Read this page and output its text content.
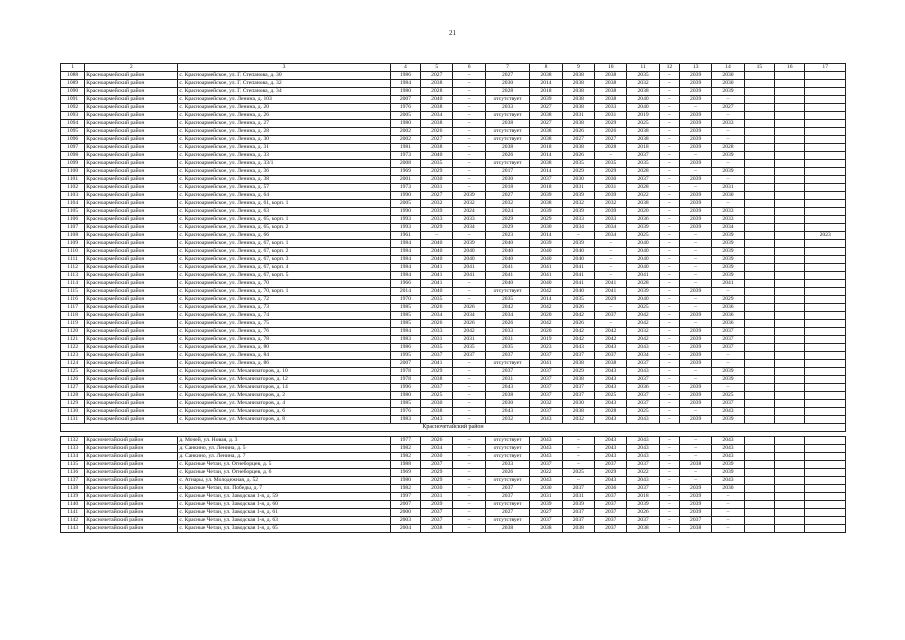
21
1	2	3	4	5	6	7	8	9	10	11	12	13	14	15	16	17
1088	Красноармейский район	с. Красноармейское, ул. Г. Степанова, д. 30	1986	2027	–	2027	2038	2038	2038	2035	–	2039	2030			
1089	Красноармейский район	с. Красноармейское, ул. Г. Степанова, д. 32	1984	2038	–	2030	2014	2038	2038	2032	–	2039	2030			
1090	Красноармейский район	с. Красноармейское, ул. Г. Степанова, д. 34	1980	2028	–	2028	2018	2038	2038	2038	–	2039	2039			
1091	Красноармейский район	с. Красноармейское, ул. Ленина, д. 10З	2007	2040	–	отсутствует	2039	2038	2038	2040	–	2039	–			
1092	Красноармейский район	с. Красноармейское, ул. Ленина, д. 20	1976	2038	–	2033	2027	2038	2033	2040	–	–	2027			
1093	Красноармейский район	с. Красноармейское, ул. Ленина, д. 26	2005	2034	–	отсутствует	2038	2031	2031	2019	–	2039	–			
1094	Красноармейский район	с. Красноармейское, ул. Ленина, д. 27	1980	2038	–	2038	2027	2038	2029	2025	–	2039	2033			
1095	Красноармейский район	с. Красноармейское, ул. Ленина, д. 28	2002	2026	–	отсутствует	2038	2026	2026	2038	–	2039	–			
1096	Красноармейский район	с. Красноармейское, ул. Ленина, д. 30	2002	2027	–	отсутствует	2038	2027	2027	2038	–	2039	–			
1097	Красноармейский район	с. Красноармейское, ул. Ленина, д. 31	1981	2038	–	2038	2018	2038	2028	2018	–	2039	2028			
1098	Красноармейский район	с. Красноармейское, ул. Ленина, д. 33	1973	2040	–	2026	2014	2026	–	2037	–	–	2039			
1099	Красноармейский район	с. Красноармейское, ул. Ленина, д. 33/1	2008	2035	–	отсутствует	2038	2035	2035	2035	–	2039	–			
1100	Красноармейский район	с. Красноармейское, ул. Ленина, д. 36	1969	2029	–	2017	2014	2029	2029	2028	–	–	2039			
1101	Красноармейский район	с. Красноармейское, ул. Ленина, д. 38	2001	2030	–	2030	2037	2030	2030	2037	–	2039	–			
1102	Красноармейский район	с. Красноармейское, ул. Ленина, д. 57	1973	2031	–	2018	2018	2031	2031	2028	–	–	2031			
1103	Красноармейский район	с. Красноармейское, ул. Ленина, д. 64	1990	2027	2039	2027	2039	2039	2039	2022	–	2039	2030			
1104	Красноармейский район	с. Красноармейское, ул. Ленина, д. 61, корп. 1	2005	2032	2032	2032	2038	2032	2032	2038	–	2039	–			
1105	Красноармейский район	с. Красноармейское, ул. Ленина, д. 63	1990	2039	2024	2024	2039	2039	2039	2020	–	2039	2033			
1106	Красноармейский район	с. Красноармейское, ул. Ленина, д. 65, корп. 1	1993	2033	2033	2029	2029	2033	2033	2036	–	2039	2033			
1107	Красноармейский район	с. Красноармейское, ул. Ленина, д. 65, корп. 2	1993	2029	2034	2029	2030	2034	2034	2039	–	2039	2034			
1108	Красноармейский район	с. Красноармейское, ул. Ленина, д. 66	1961	–	–	2023	2014	–	2034	2025	–	–	2039			2023
1109	Красноармейский район	с. Красноармейское, ул. Ленина, д. 67, корп. 1	1984	2040	2039	2040	2039	2039	–	2040	–	–	2039			
1110	Красноармейский район	с. Красноармейское, ул. Ленина, д. 67, корп. 2	1984	2040	2040	2040	2040	2040	–	2040	–	–	2039			
1111	Красноармейский район	с. Красноармейское, ул. Ленина, д. 67, корп. 3	1984	2040	2040	2040	2040	2040	–	2040	–	–	2039			
1112	Красноармейский район	с. Красноармейское, ул. Ленина, д. 67, корп. 4	1984	2041	2041	2041	2041	2041	–	2040	–	–	2039			
1113	Красноармейский район	с. Красноармейское, ул. Ленина, д. 67, корп. 5	1984	2041	2041	2041	2041	2041	–	2041	–	–	2039			
1114	Красноармейский район	с. Красноармейское, ул. Ленина, д. 70	1966	2041	–	2040	2040	2041	2041	2028	–	–	2041			
1115	Красноармейский район	с. Красноармейское, ул. Ленина, д. 70, корп. 1	2014	2040	–	отсутствует	2042	2040	2041	2039	–	2039	–			
1116	Красноармейский район	с. Красноармейское, ул. Ленина, д. 72	1970	2035	–	2035	2014	2035	2029	2040	–	–	2029			
1117	Красноармейский район	с. Красноармейское, ул. Ленина, д. 73	1985	2026	2026	2042	2042	2026	–	2025	–	–	2036			
1118	Красноармейский район	с. Красноармейское, ул. Ленина, д. 74	1985	2034	2034	2034	2020	2042	2037	2042	–	2039	2036			
1119	Красноармейский район	с. Красноармейское, ул. Ленина, д. 75	1985	2026	2026	2026	2042	2026	–	2042	–	–	2036			
1120	Красноармейский район	с. Красноармейское, ул. Ленина, д. 76	1984	2033	2042	2033	2020	2042	2042	2032	–	2039	2037			
1121	Красноармейский район	с. Красноармейское, ул. Ленина, д. 78	1983	2031	2031	2031	2019	2042	2042	2042	–	2039	2037			
1122	Красноармейский район	с. Красноармейское, ул. Ленина, д. 80	1986	2035	2035	2035	2023	2043	2043	2043	–	2039	2037			
1123	Красноармейский район	с. Красноармейское, ул. Ленина, д. 84	1995	2037	2037	2037	2037	2037	2037	2034	–	2039	–			
1124	Красноармейский район	с. Красноармейское, ул. Ленина, д. 86	2007	2041	–	отсутствует	2041	2038	2038	2037	–	2039	–			
1125	Красноармейский район	с. Красноармейское, ул. Механизаторов, д. 10	1978	2029	–	2037	2037	2029	2043	2043	–	–	2039			
1126	Красноармейский район	с. Красноармейское, ул. Механизаторов, д. 12	1978	2038	–	2031	2037	2038	2043	2037	–	–	2039			
1127	Красноармейский район	с. Красноармейское, ул. Механизаторов, д. 14	1996	2037	–	2043	2037	2037	2043	2036	–	2039	–			
1128	Красноармейский район	с. Красноармейское, ул. Механизаторов, д. 2	1980	2025	–	2038	2037	2037	2025	2037	–	2039	2025			
1129	Красноармейский район	с. Красноармейское, ул. Механизаторов, д. 4	1985	2030	–	2030	2032	2030	2043	2037	–	2039	2037			
1130	Красноармейский район	с. Красноармейское, ул. Механизаторов, д. 6	1976	2038	–	2043	2037	2038	2028	2025	–	–	2043			
1131	Красноармейский район	с. Красноармейское, ул. Механизаторов, д. 8	1983	2043	–	2032	2043	2032	2043	2043	–	2039	2039			
Красночетайский район																

1132	Красночетайский район	д. Мочей, ул. Новая, д. 3	1977	2026	–	отсутствует	2043	–	2043	2043	–	–	2043			
1133	Красночетайский район	д. Санкино, ул. Ленина, д. 5	1982	2034	–	отсутствует	2043	–	2043	2043	–	–	2043			
1134	Красночетайский район	д. Санкино, ул. Ленина, д. 7	1982	2030	–	отсутствует	2043	–	2043	2043	–	–	2043			
1135	Красночетайский район	с. Красные Четаи, ул. Огнеборцев, д. 5	1988	2037	–	2033	2037	–	2037	2037	–	2038	2039			
1136	Красночетайский район	с. Красные Четаи, ул. Огнеборцев, д. 6	1969	2029	–	2026	2022	2025	2029	2022	–	–	2039			
1137	Красночетайский район	с. Атнары, ул. Молодежная, д. 52	1980	2029	–	отсутствует	2043	–	2043	2043	–	–	2043			
1138	Красночетайский район	с. Красные Четаи, пл. Победы, д. 7	1982	2030	–	2037	2030	2037	2036	2037	–	2039	2030			
1139	Красночетайский район	с. Красные Четаи, ул. Заводская 1-я, д. 59	1997	2031	–	2037	2031	2031	2037	2018	–	2039	–			
1140	Красночетайский район	с. Красные Четаи, ул. Заводская 1-я, д. 60	2007	2039	–	отсутствует	2039	2039	2037	2039	–	2039	–			
1141	Красночетайский район	с. Красные Четаи, ул. Заводская 1-я, д. 61	2000	2037	–	2027	2027	2037	2037	2026	–	2039	–			
1142	Красночетайский район	с. Красные Четаи, ул. Заводская 1-я, д. 63	2003	2037	–	отсутствует	2037	2037	2037	2037	–	2037	–			
1143	Красночетайский район	с. Красные Четаи, ул. Заводская 1-я, д. 65	2004	2038	–	2038	2038	2038	2037	2038	–	2038	–			
